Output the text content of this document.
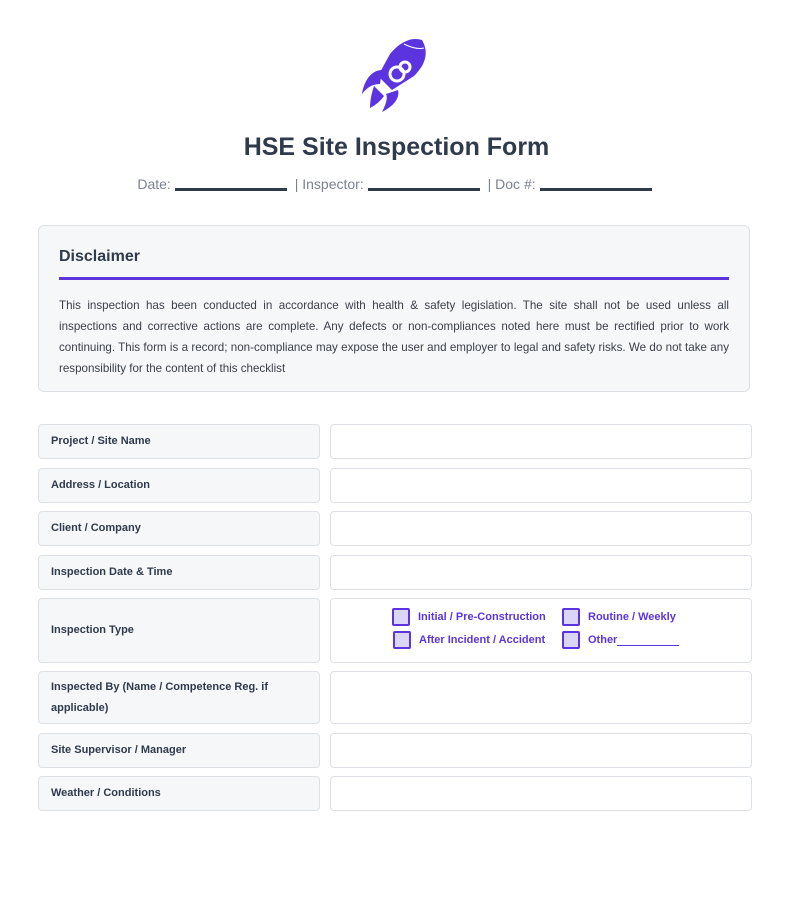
HSE Site Inspection Form
Date:	| Inspector:	| Doc #:
Disclaimer

This inspection has been conducted in accordance with health & safety legislation. The site shall not be used unless all inspections and corrective actions are complete. Any defects or non-compliances noted here must be rectified prior to work continuing. This form is a record; non-compliance may expose the user and employer to legal and safety risks. We do not take any responsibility for the content of this checklist

Project / Site Name
Address / Location
Client / Company
Inspection Date & Time
Inspection Type
Initial / Pre-Construction	Routine / Weekly
After Incident / Accident	Other
Inspected By (Name / Competence Reg. if applicable)
Site Supervisor / Manager
Weather / Conditions
